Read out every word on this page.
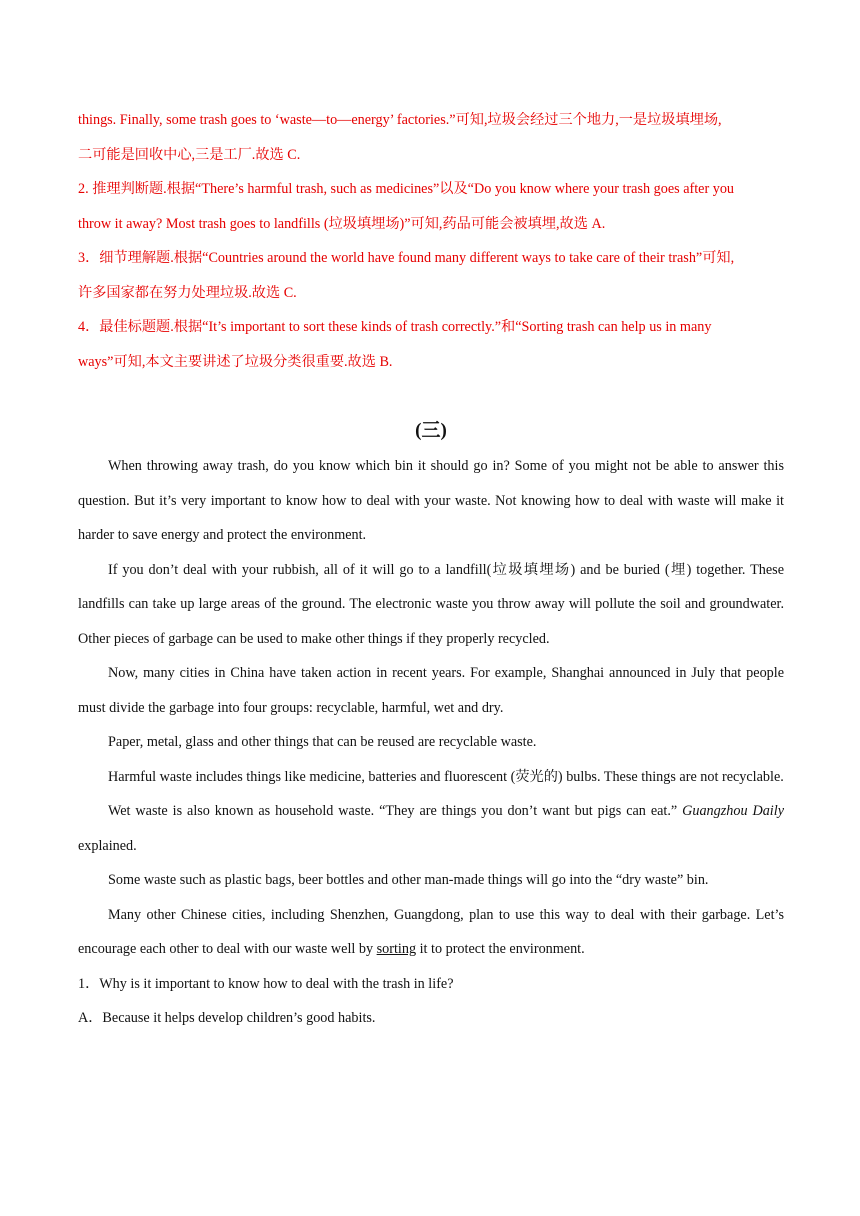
things. Finally, some trash goes to ‘waste—to—energy’ factories.”可知,垃圾会经过三个地力,一是垃圾填埋场,
二可能是回收中心,三是工厂.故选 C.

2. 推理判断题.根据“There’s harmful trash, such as medicines”以及“Do you know where your trash goes after you
throw it away? Most trash goes to landfills (垃圾填埋场)”可知,药品可能会被填埋,故选 A.

3．细节理解题.根据“Countries around the world have found many different ways to take care of their trash”可知,
许多国家都在努力处理垃圾.故选 C.

4．最佳标题题.根据“It’s important to sort these kinds of trash correctly.”和“Sorting trash can help us in many
ways”可知,本文主要讲述了垃圾分类很重要.故选 B.

(三)

When throwing away trash, do you know which bin it should go in? Some of you might not be able to answer this question. But it’s very important to know how to deal with your waste. Not knowing how to deal with waste will make it harder to save energy and protect the environment.

If you don’t deal with your rubbish, all of it will go to a landfill(垃圾填埋场) and be buried (埋) together. These landfills can take up large areas of the ground. The electronic waste you throw away will pollute the soil and groundwater. Other pieces of garbage can be used to make other things if they properly recycled.

Now, many cities in China have taken action in recent years. For example, Shanghai announced in July that people must divide the garbage into four groups: recyclable, harmful, wet and dry.

Paper, metal, glass and other things that can be reused are recyclable waste.

Harmful waste includes things like medicine, batteries and fluorescent (荧光的) bulbs. These things are not recyclable.

Wet waste is also known as household waste. “They are things you don’t want but pigs can eat.” Guangzhou Daily explained.

Some waste such as plastic bags, beer bottles and other man-made things will go into the “dry waste” bin.

Many other Chinese cities, including Shenzhen, Guangdong, plan to use this way to deal with their garbage. Let’s encourage each other to deal with our waste well by sorting it to protect the environment.

1．Why is it important to know how to deal with the trash in life?

A．Because it helps develop children’s good habits.
